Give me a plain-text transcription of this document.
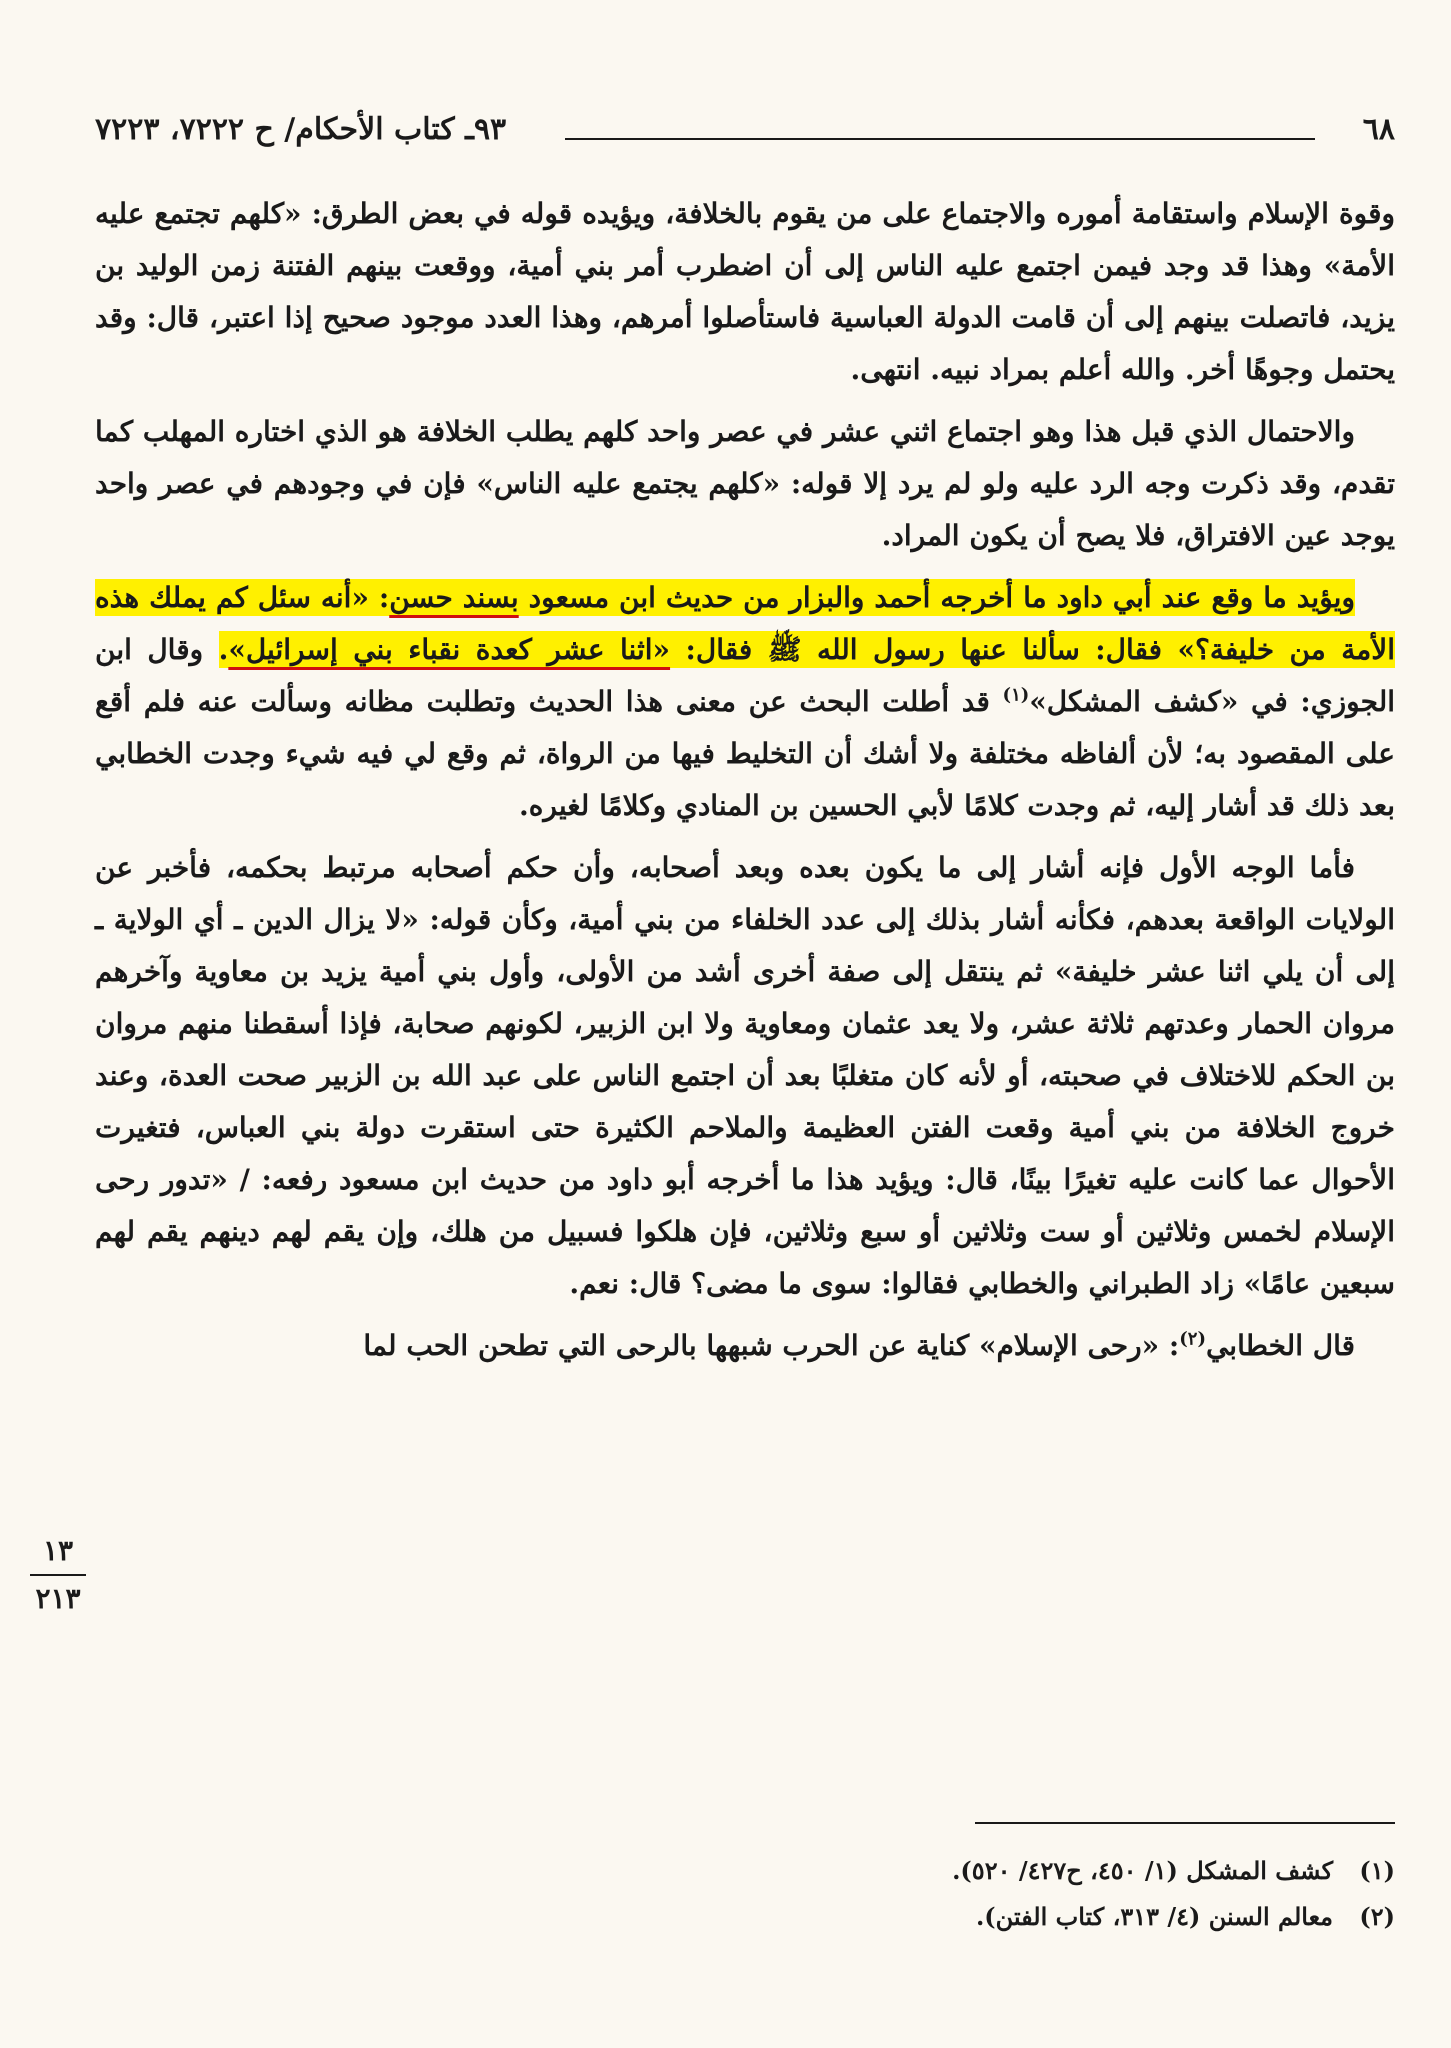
٦٨
٩٣ـ كتاب الأحكام/ ح ٧٢٢٢، ٧٢٢٣

وقوة الإسلام واستقامة أموره والاجتماع على من يقوم بالخلافة، ويؤيده قوله في بعض الطرق: «كلهم تجتمع عليه الأمة» وهذا قد وجد فيمن اجتمع عليه الناس إلى أن اضطرب أمر بني أمية، ووقعت بينهم الفتنة زمن الوليد بن يزيد، فاتصلت بينهم إلى أن قامت الدولة العباسية فاستأصلوا أمرهم، وهذا العدد موجود صحيح إذا اعتبر، قال: وقد يحتمل وجوهًا أخر. والله أعلم بمراد نبيه. انتهى.

والاحتمال الذي قبل هذا وهو اجتماع اثني عشر في عصر واحد كلهم يطلب الخلافة هو الذي اختاره المهلب كما تقدم، وقد ذكرت وجه الرد عليه ولو لم يرد إلا قوله: «كلهم يجتمع عليه الناس» فإن في وجودهم في عصر واحد يوجد عين الافتراق، فلا يصح أن يكون المراد.

ويؤيد ما وقع عند أبي داود ما أخرجه أحمد والبزار من حديث ابن مسعود بسند حسن: «أنه سئل كم يملك هذه الأمة من خليفة؟» فقال: سألنا عنها رسول الله ﷺ فقال: «اثنا عشر كعدة نقباء بني إسرائيل». وقال ابن الجوزي: في «كشف المشكل»$^{(١)}$ قد أطلت البحث عن معنى هذا الحديث وتطلبت مظانه وسألت عنه فلم أقع على المقصود به؛ لأن ألفاظه مختلفة ولا أشك أن التخليط فيها من الرواة، ثم وقع لي فيه شيء وجدت الخطابي بعد ذلك قد أشار إليه، ثم وجدت كلامًا لأبي الحسين بن المنادي وكلامًا لغيره.

فأما الوجه الأول فإنه أشار إلى ما يكون بعده وبعد أصحابه، وأن حكم أصحابه مرتبط بحكمه، فأخبر عن الولايات الواقعة بعدهم، فكأنه أشار بذلك إلى عدد الخلفاء من بني أمية، وكأن قوله: «لا يزال الدين ـ أي الولاية ـ إلى أن يلي اثنا عشر خليفة» ثم ينتقل إلى صفة أخرى أشد من الأولى، وأول بني أمية يزيد بن معاوية وآخرهم مروان الحمار وعدتهم ثلاثة عشر، ولا يعد عثمان ومعاوية ولا ابن الزبير، لكونهم صحابة، فإذا أسقطنا منهم مروان بن الحكم للاختلاف في صحبته، أو لأنه كان متغلبًا بعد أن اجتمع الناس على عبد الله بن الزبير صحت العدة، وعند خروج الخلافة من بني أمية وقعت الفتن العظيمة والملاحم الكثيرة حتى استقرت دولة بني العباس، فتغيرت الأحوال عما كانت عليه تغيرًا بينًا، قال: ويؤيد هذا ما أخرجه أبو داود من حديث ابن مسعود رفعه: / «تدور رحى الإسلام لخمس وثلاثين أو ست وثلاثين أو سبع وثلاثين، فإن هلكوا فسبيل من هلك، وإن يقم لهم دينهم يقم لهم سبعين عامًا» زاد الطبراني والخطابي فقالوا: سوى ما مضى؟ قال: نعم.

قال الخطابي$^{(٢)}$: «رحى الإسلام» كناية عن الحرب شبهها بالرحى التي تطحن الحب لما

١٣
٢١٣
(١)كشف المشكل (١/ ٤٥٠، ح٤٢٧/ ٥٢٠).
(٢)معالم السنن (٤/ ٣١٣، كتاب الفتن).
